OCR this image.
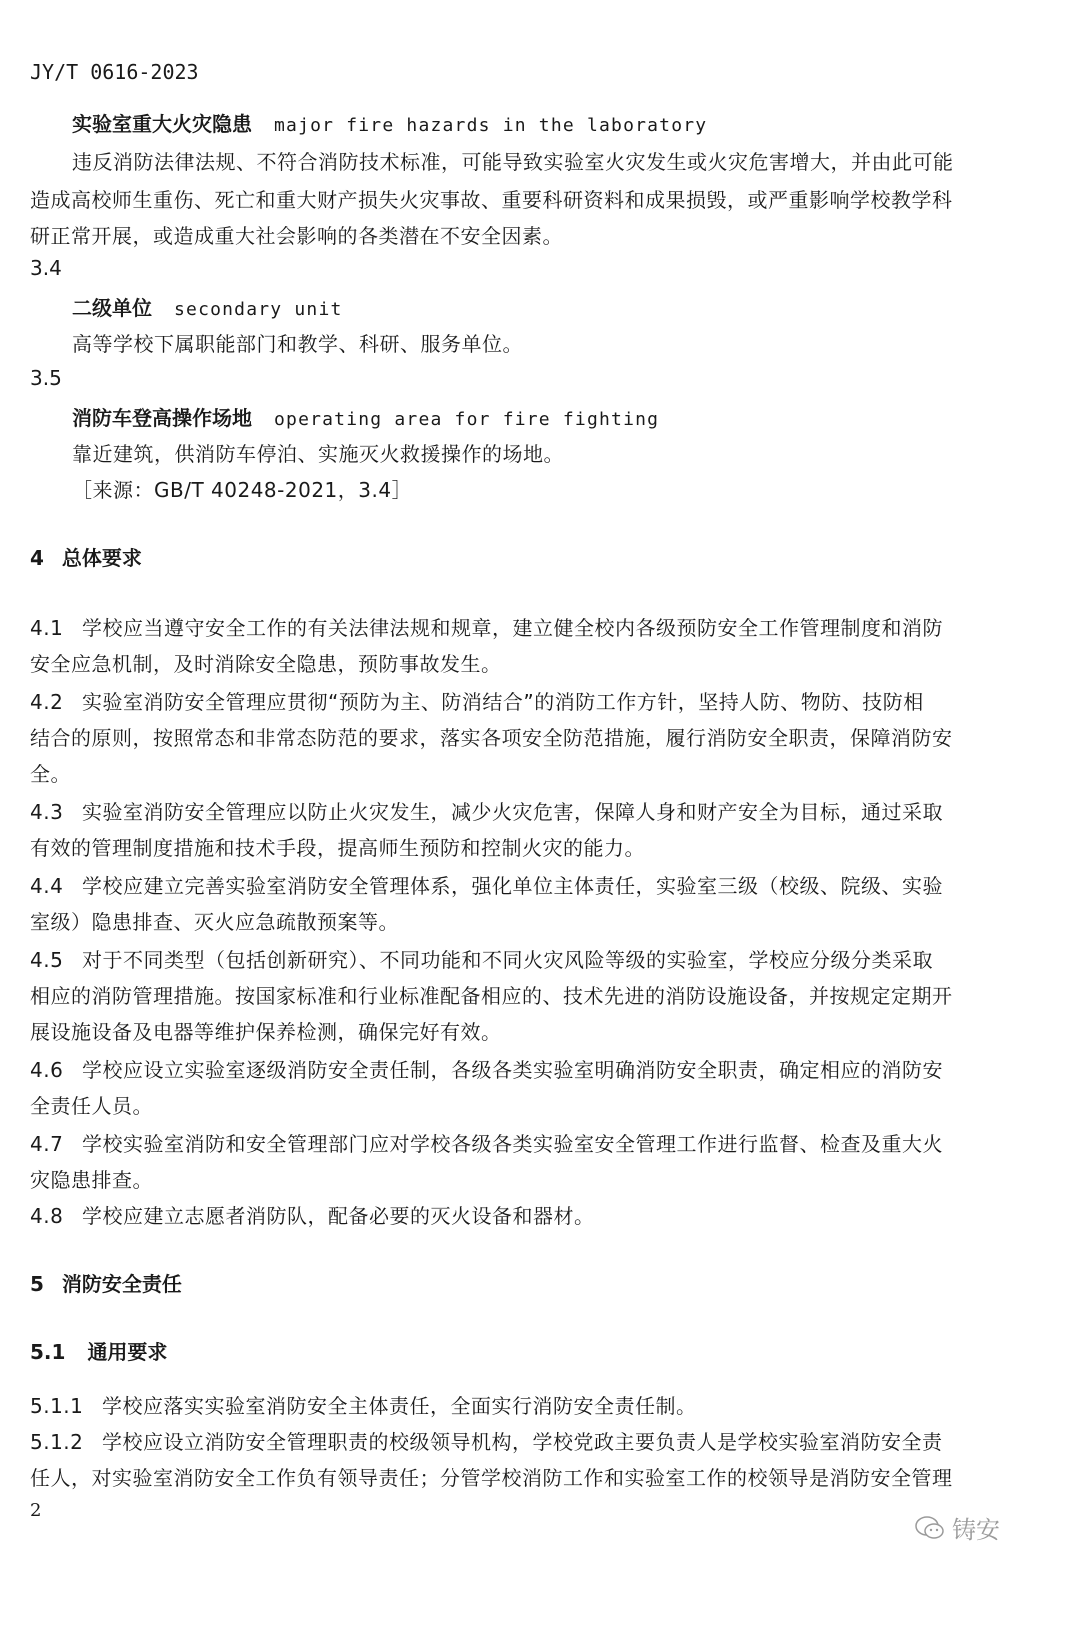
JY/T 0616-2023
实验室重大火灾隐患 major fire hazards in the laboratory
违反消防法律法规、不符合消防技术标准，可能导致实验室火灾发生或火灾危害增大，并由此可能
造成高校师生重伤、死亡和重大财产损失火灾事故、重要科研资料和成果损毁，或严重影响学校教学科
研正常开展，或造成重大社会影响的各类潜在不安全因素。
3.4
二级单位 secondary unit
高等学校下属职能部门和教学、科研、服务单位。
3.5
消防车登高操作场地 operating area for fire fighting
靠近建筑，供消防车停泊、实施灭火救援操作的场地。
［来源：GB/T 40248-2021，3.4］
4 总体要求
4.1 学校应当遵守安全工作的有关法律法规和规章，建立健全校内各级预防安全工作管理制度和消防
安全应急机制，及时消除安全隐患，预防事故发生。
4.2 实验室消防安全管理应贯彻“预防为主、防消结合”的消防工作方针，坚持人防、物防、技防相
结合的原则，按照常态和非常态防范的要求，落实各项安全防范措施，履行消防安全职责，保障消防安
全。
4.3 实验室消防安全管理应以防止火灾发生，减少火灾危害，保障人身和财产安全为目标，通过采取
有效的管理制度措施和技术手段，提高师生预防和控制火灾的能力。
4.4 学校应建立完善实验室消防安全管理体系，强化单位主体责任，实验室三级（校级、院级、实验
室级）隐患排查、灭火应急疏散预案等。
4.5 对于不同类型（包括创新研究）、不同功能和不同火灾风险等级的实验室，学校应分级分类采取
相应的消防管理措施。按国家标准和行业标准配备相应的、技术先进的消防设施设备，并按规定定期开
展设施设备及电器等维护保养检测，确保完好有效。
4.6 学校应设立实验室逐级消防安全责任制，各级各类实验室明确消防安全职责，确定相应的消防安
全责任人员。
4.7 学校实验室消防和安全管理部门应对学校各级各类实验室安全管理工作进行监督、检查及重大火
灾隐患排查。
4.8 学校应建立志愿者消防队，配备必要的灭火设备和器材。
5 消防安全责任
5.1 通用要求
5.1.1 学校应落实实验室消防安全主体责任，全面实行消防安全责任制。
5.1.2 学校应设立消防安全管理职责的校级领导机构，学校党政主要负责人是学校实验室消防安全责
任人，对实验室消防安全工作负有领导责任；分管学校消防工作和实验室工作的校领导是消防安全管理
2
铸安
